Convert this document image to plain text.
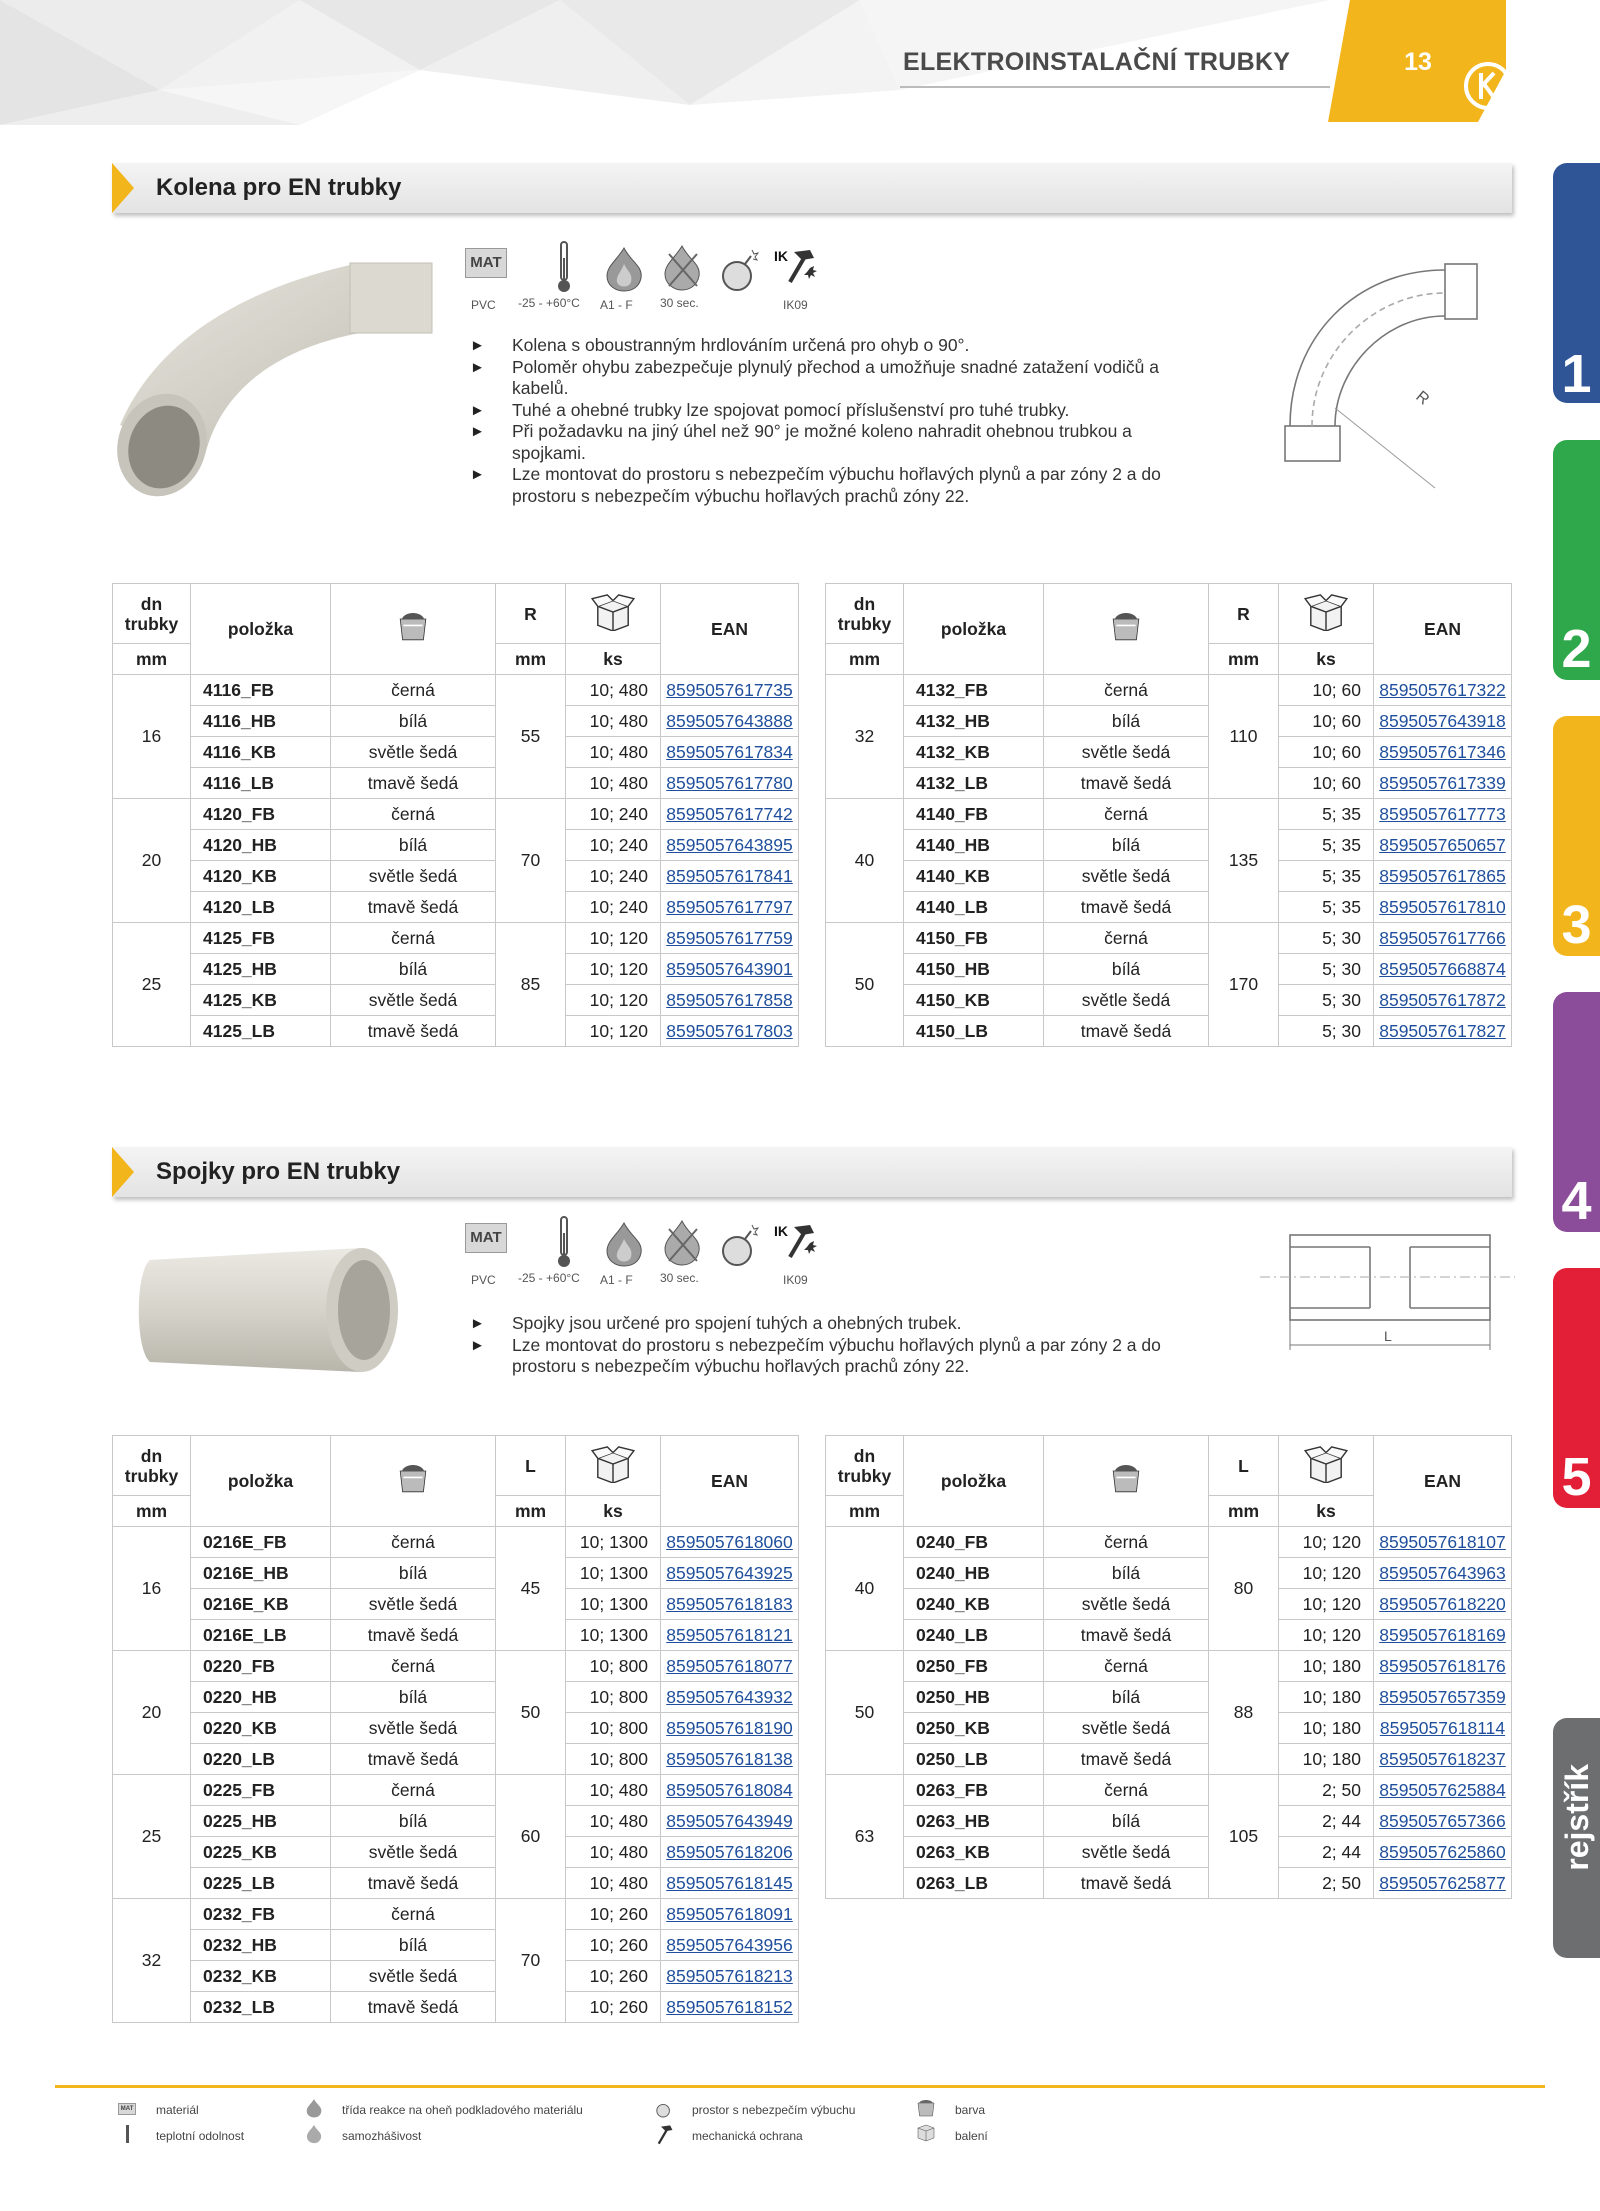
ELEKTROINSTALAČNÍ TRUBKY	13
1
2
3
4
5
rejstřík
Kolena pro EN trubky
MAT	IK
PVC -25 - +60°C A1 - F 30 sec.	IK09
► Kolena s oboustranným hrdlováním určená pro ohyb o 90°.
► Poloměr ohybu zabezpečuje plynulý přechod a umožňuje snadné zatažení vodičů a kabelů.
► Tuhé a ohebné trubky lze spojovat pomocí příslušenství pro tuhé trubky.
► Při požadavku na jiný úhel než 90° je možné koleno nahradit ohebnou trubkou a spojkami.
► Lze montovat do prostoru s nebezpečím výbuchu hořlavých plynů a par zóny 2 a do prostoru s nebezpečím výbuchu hořlavých prachů zóny 22.
R
dn trubky	položka		R		EAN
mm			mm	ks	
16	4116_FB	černá	55	10; 480	8595057617735
	4116_HB	bílá		10; 480	8595057643888
	4116_KB	světle šedá		10; 480	8595057617834
	4116_LB	tmavě šedá		10; 480	8595057617780
20	4120_FB	černá	70	10; 240	8595057617742
	4120_HB	bílá		10; 240	8595057643895
	4120_KB	světle šedá		10; 240	8595057617841
	4120_LB	tmavě šedá		10; 240	8595057617797
25	4125_FB	černá	85	10; 120	8595057617759
	4125_HB	bílá		10; 120	8595057643901
	4125_KB	světle šedá		10; 120	8595057617858
	4125_LB	tmavě šedá		10; 120	8595057617803
dn trubky	položka		R		EAN
mm			mm	ks	
32	4132_FB	černá	110	10; 60	8595057617322
	4132_HB	bílá		10; 60	8595057643918
	4132_KB	světle šedá		10; 60	8595057617346
	4132_LB	tmavě šedá		10; 60	8595057617339
40	4140_FB	černá	135	5; 35	8595057617773
	4140_HB	bílá		5; 35	8595057650657
	4140_KB	světle šedá		5; 35	8595057617865
	4140_LB	tmavě šedá		5; 35	8595057617810
50	4150_FB	černá	170	5; 30	8595057617766
	4150_HB	bílá		5; 30	8595057668874
	4150_KB	světle šedá		5; 30	8595057617872
	4150_LB	tmavě šedá		5; 30	8595057617827
Spojky pro EN trubky
MAT	IK
PVC -25 - +60°C A1 - F 30 sec.	IK09
► Spojky jsou určené pro spojení tuhých a ohebných trubek.
► Lze montovat do prostoru s nebezpečím výbuchu hořlavých plynů a par zóny 2 a do prostoru s nebezpečím výbuchu hořlavých prachů zóny 22.
L
dn trubky	položka		L		EAN
mm			mm	ks	
16	0216E_FB	černá	45	10; 1300	8595057618060
	0216E_HB	bílá		10; 1300	8595057643925
	0216E_KB	světle šedá		10; 1300	8595057618183
	0216E_LB	tmavě šedá		10; 1300	8595057618121
20	0220_FB	černá	50	10; 800	8595057618077
	0220_HB	bílá		10; 800	8595057643932
	0220_KB	světle šedá		10; 800	8595057618190
	0220_LB	tmavě šedá		10; 800	8595057618138
25	0225_FB	černá	60	10; 480	8595057618084
	0225_HB	bílá		10; 480	8595057643949
	0225_KB	světle šedá		10; 480	8595057618206
	0225_LB	tmavě šedá		10; 480	8595057618145
32	0232_FB	černá	70	10; 260	8595057618091
	0232_HB	bílá		10; 260	8595057643956
	0232_KB	světle šedá		10; 260	8595057618213
	0232_LB	tmavě šedá		10; 260	8595057618152
dn trubky	položka		L		EAN
mm			mm	ks	
40	0240_FB	černá	80	10; 120	8595057618107
	0240_HB	bílá		10; 120	8595057643963
	0240_KB	světle šedá		10; 120	8595057618220
	0240_LB	tmavě šedá		10; 120	8595057618169
50	0250_FB	černá	88	10; 180	8595057618176
	0250_HB	bílá		10; 180	8595057657359
	0250_KB	světle šedá		10; 180	8595057618114
	0250_LB	tmavě šedá		10; 180	8595057618237
63	0263_FB	černá	105	2; 50	8595057625884
	0263_HB	bílá		2; 44	8595057657366
	0263_KB	světle šedá		2; 44	8595057625860
	0263_LB	tmavě šedá		2; 50	8595057625877
MAT materiál
teplotní odolnost
třída reakce na oheň podkladového materiálu
samozhášivost
prostor s nebezpečím výbuchu
mechanická ochrana
barva
balení
